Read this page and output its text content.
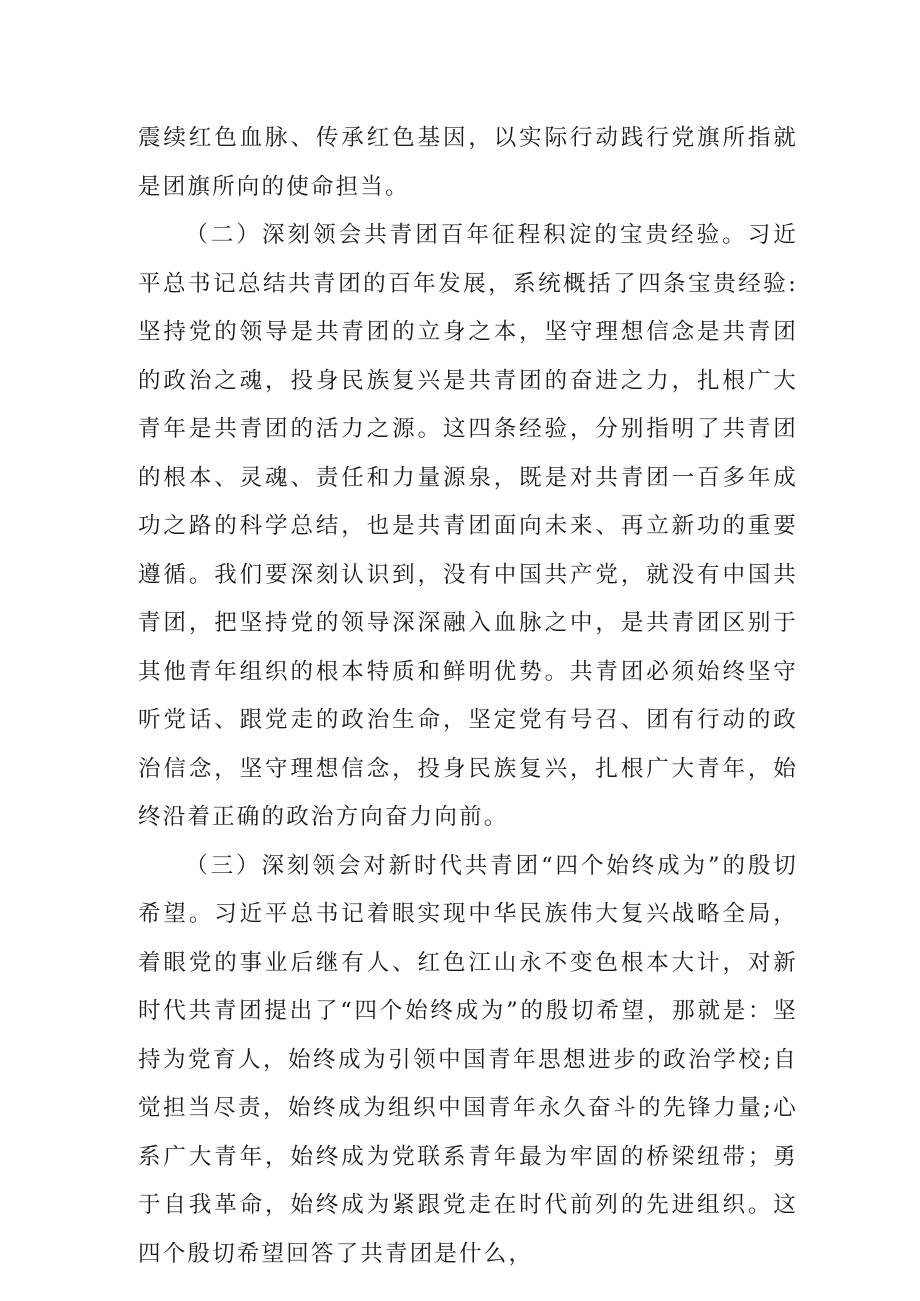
震续红色血脉、传承红色基因，以实际行动践行党旗所指就是团旗所向的使命担当。

（二）深刻领会共青团百年征程积淀的宝贵经验。习近平总书记总结共青团的百年发展，系统概括了四条宝贵经验:坚持党的领导是共青团的立身之本，坚守理想信念是共青团的政治之魂，投身民族复兴是共青团的奋进之力，扎根广大青年是共青团的活力之源。这四条经验，分别指明了共青团的根本、灵魂、责任和力量源泉，既是对共青团一百多年成功之路的科学总结，也是共青团面向未来、再立新功的重要遵循。我们要深刻认识到，没有中国共产党，就没有中国共青团，把坚持党的领导深深融入血脉之中，是共青团区别于其他青年组织的根本特质和鲜明优势。共青团必须始终坚守听党话、跟党走的政治生命，坚定党有号召、团有行动的政治信念，坚守理想信念，投身民族复兴，扎根广大青年，始终沿着正确的政治方向奋力向前。

（三）深刻领会对新时代共青团“四个始终成为”的殷切希望。习近平总书记着眼实现中华民族伟大复兴战略全局，着眼党的事业后继有人、红色江山永不变色根本大计，对新时代共青团提出了“四个始终成为”的殷切希望，那就是：坚持为党育人，始终成为引领中国青年思想进步的政治学校;自觉担当尽责，始终成为组织中国青年永久奋斗的先锋力量;心系广大青年，始终成为党联系青年最为牢固的桥梁纽带；勇于自我革命，始终成为紧跟党走在时代前列的先进组织。这四个殷切希望回答了共青团是什么，
